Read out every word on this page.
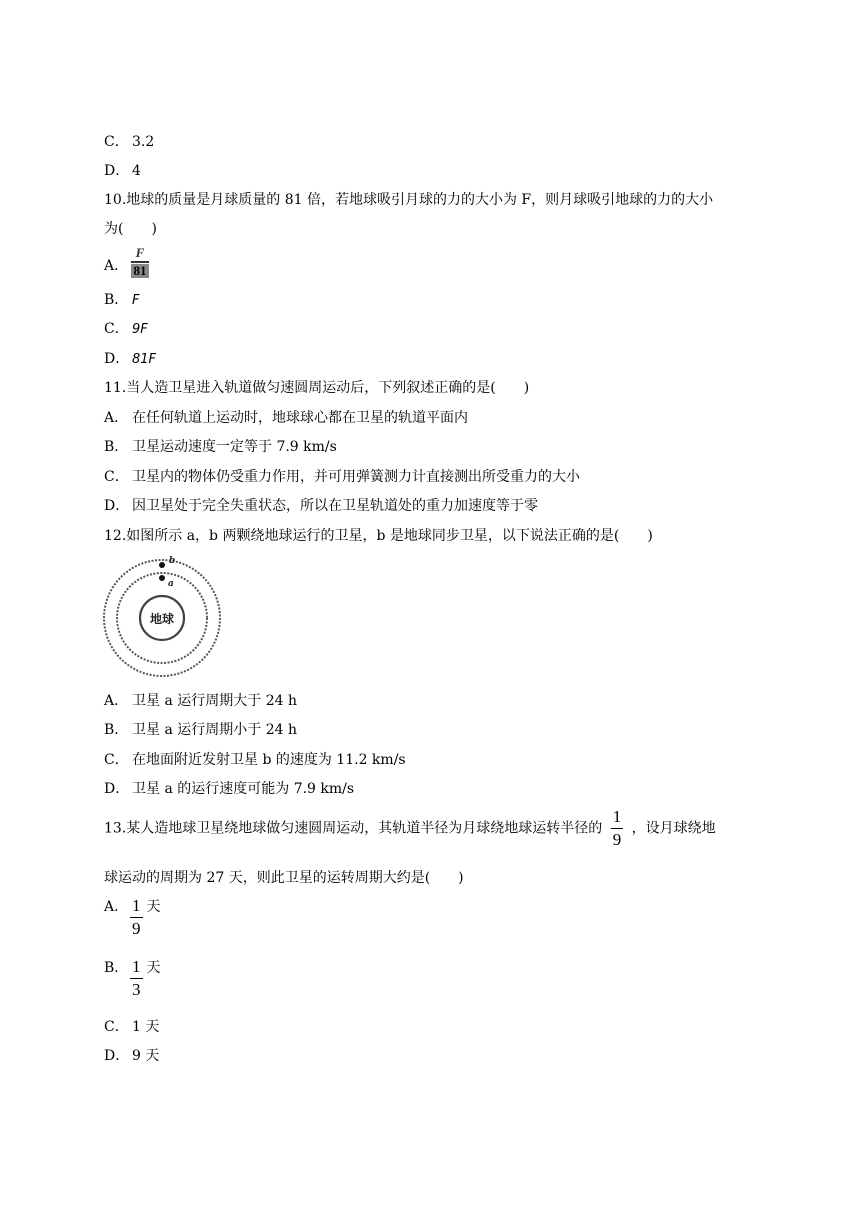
C． 3.2
D． 4
10.地球的质量是月球质量的 81 倍，若地球吸引月球的力的大小为 F，则月球吸引地球的力的大小
为(　　)
A．
F
81
B． F
C． 9F
D． 81F
11.当人造卫星进入轨道做匀速圆周运动后，下列叙述正确的是(　　)
A． 在任何轨道上运动时，地球球心都在卫星的轨道平面内
B． 卫星运动速度一定等于 7.9 km/s
C． 卫星内的物体仍受重力作用，并可用弹簧测力计直接测出所受重力的大小
D． 因卫星处于完全失重状态，所以在卫星轨道处的重力加速度等于零
12.如图所示 a，b 两颗绕地球运行的卫星，b 是地球同步卫星，以下说法正确的是(　　)
地球
b
a
A． 卫星 a 运行周期大于 24 h
B． 卫星 a 运行周期小于 24 h
C． 在地面附近发射卫星 b 的速度为 11.2 km/s
D． 卫星 a 的运行速度可能为 7.9 km/s
13.某人造地球卫星绕地球做匀速圆周运动，其轨道半径为月球绕地球运转半径的 $\frac{1}{9}$ ，设月球绕地
球运动的周期为 27 天，则此卫星的运转周期大约是(　　)
A． $\frac{1}{9}$ 天
B． $\frac{1}{3}$ 天
C． 1 天
D． 9 天
